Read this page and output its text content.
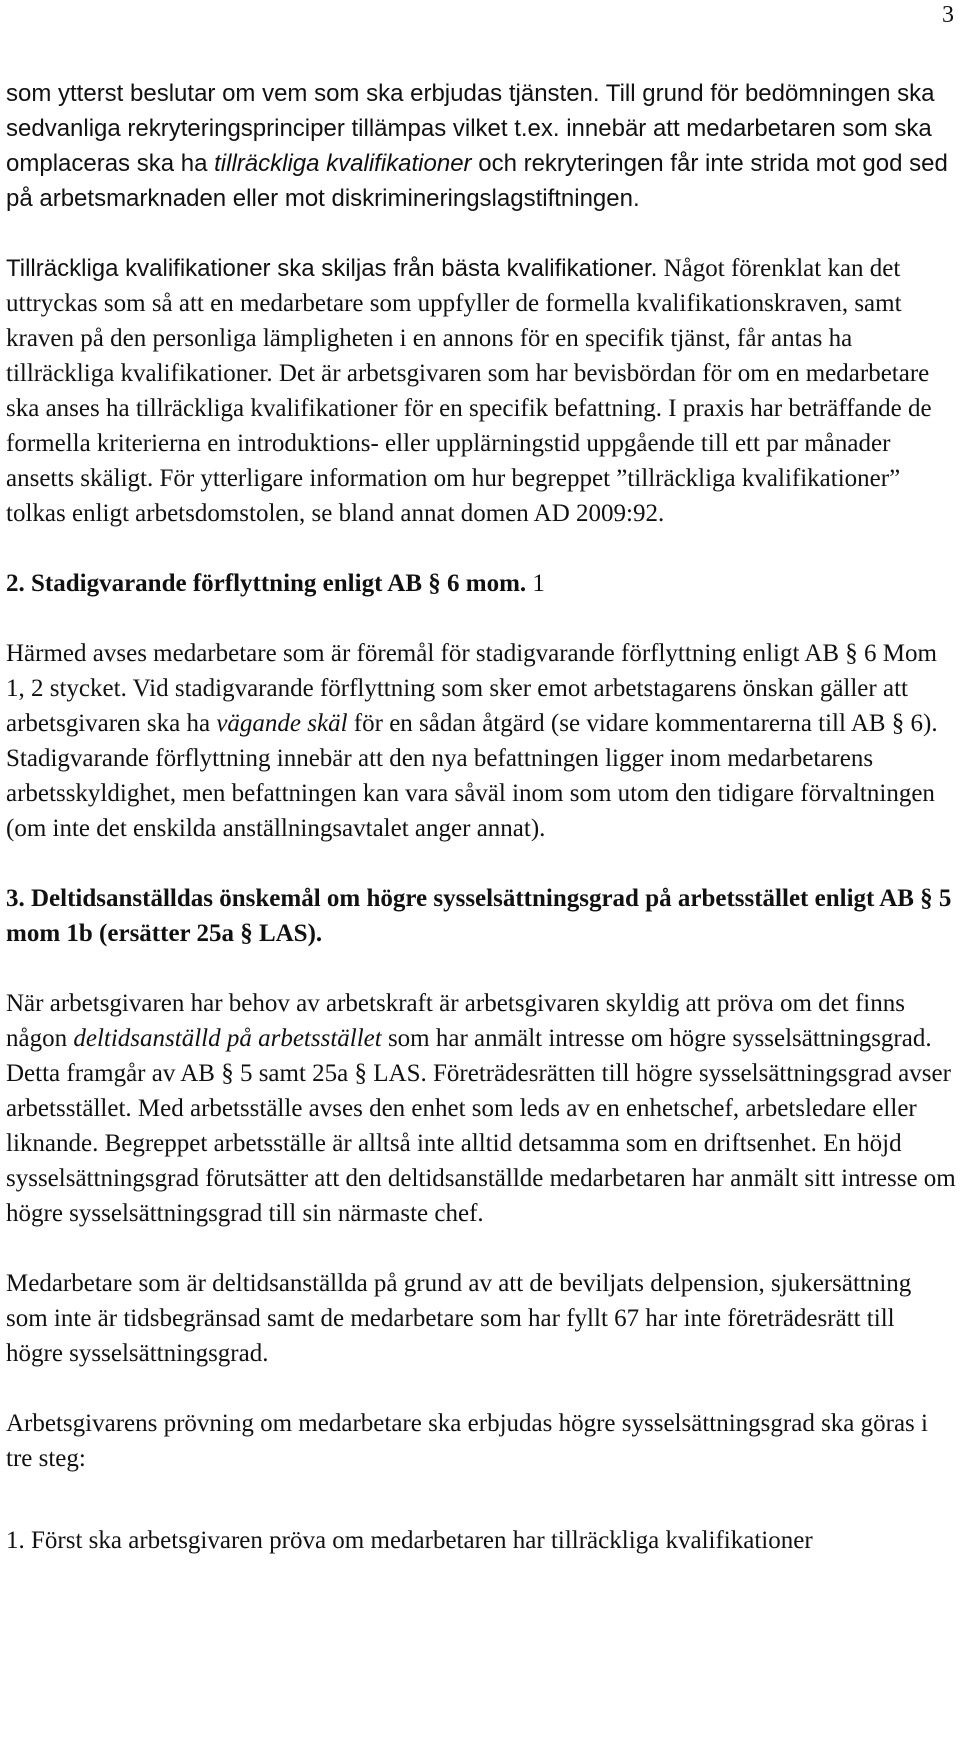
3

som ytterst beslutar om vem som ska erbjudas tjänsten. Till grund för bedömningen ska sedvanliga rekryteringsprinciper tillämpas vilket t.ex. innebär att medarbetaren som ska omplaceras ska ha tillräckliga kvalifikationer och rekryteringen får inte strida mot god sed på arbetsmarknaden eller mot diskrimineringslagstiftningen.

Tillräckliga kvalifikationer ska skiljas från bästa kvalifikationer. Något förenklat kan det uttryckas som så att en medarbetare som uppfyller de formella kvalifikationskraven, samt kraven på den personliga lämpligheten i en annons för en specifik tjänst, får antas ha tillräckliga kvalifikationer. Det är arbetsgivaren som har bevisbördan för om en medarbetare ska anses ha tillräckliga kvalifikationer för en specifik befattning. I praxis har beträffande de formella kriterierna en introduktions- eller upplärningstid uppgående till ett par månader ansetts skäligt. För ytterligare information om hur begreppet ”tillräckliga kvalifikationer” tolkas enligt arbetsdomstolen, se bland annat domen AD 2009:92.

2. Stadigvarande förflyttning enligt AB § 6 mom. 1

Härmed avses medarbetare som är föremål för stadigvarande förflyttning enligt AB § 6 Mom 1, 2 stycket. Vid stadigvarande förflyttning som sker emot arbetstagarens önskan gäller att arbetsgivaren ska ha vägande skäl för en sådan åtgärd (se vidare kommentarerna till AB § 6). Stadigvarande förflyttning innebär att den nya befattningen ligger inom medarbetarens arbetsskyldighet, men befattningen kan vara såväl inom som utom den tidigare förvaltningen (om inte det enskilda anställningsavtalet anger annat).

3. Deltidsanställdas önskemål om högre sysselsättningsgrad på arbetsstället enligt AB § 5 mom 1b (ersätter 25a § LAS).

När arbetsgivaren har behov av arbetskraft är arbetsgivaren skyldig att pröva om det finns någon deltidsanställd på arbetsstället som har anmält intresse om högre sysselsättningsgrad. Detta framgår av AB § 5 samt 25a § LAS. Företrädesrätten till högre sysselsättningsgrad avser arbetsstället. Med arbetsställe avses den enhet som leds av en enhetschef, arbetsledare eller liknande. Begreppet arbetsställe är alltså inte alltid detsamma som en driftsenhet. En höjd sysselsättningsgrad förutsätter att den deltidsanställde medarbetaren har anmält sitt intresse om högre sysselsättningsgrad till sin närmaste chef.

Medarbetare som är deltidsanställda på grund av att de beviljats delpension, sjukersättning som inte är tidsbegränsad samt de medarbetare som har fyllt 67 har inte företrädesrätt till högre sysselsättningsgrad.

Arbetsgivarens prövning om medarbetare ska erbjudas högre sysselsättningsgrad ska göras i tre steg:

1. Först ska arbetsgivaren pröva om medarbetaren har tillräckliga kvalifikationer
